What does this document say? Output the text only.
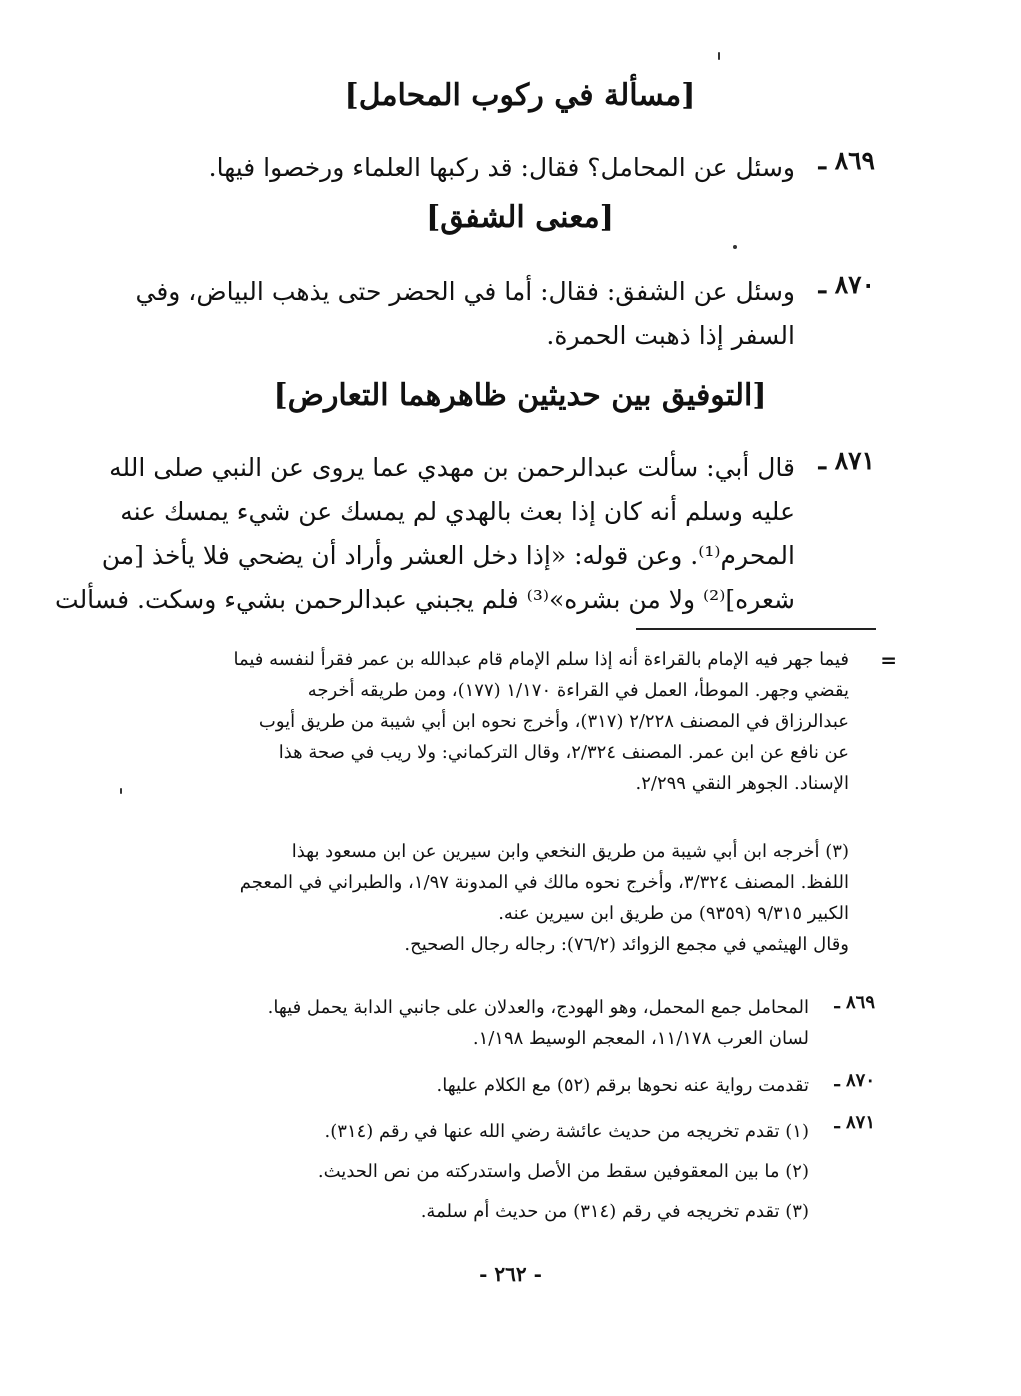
[مسألة في ركوب المحامل]
٨٦٩ ـ
وسئل عن المحامل؟ فقال: قد ركبها العلماء ورخصوا فيها.
[معنى الشفق]
٨٧٠ ـ
وسئل عن الشفق: فقال: أما في الحضر حتى يذهب البياض، وفي
السفر إذا ذهبت الحمرة.
[التوفيق بين حديثين ظاهرهما التعارض]
٨٧١ ـ
قال أبي: سألت عبدالرحمن بن مهدي عما يروى عن النبي صلى الله
عليه وسلم أنه كان إذا بعث بالهدي لم يمسك عن شيء يمسك عنه
المحرم⁽¹⁾. وعن قوله: «إذا دخل العشر وأراد أن يضحي فلا يأخذ [من
شعره]⁽²⁾ ولا من بشره»⁽³⁾ فلم يجبني عبدالرحمن بشيء وسكت. فسألت
=
فيما جهر فيه الإمام بالقراءة أنه إذا سلم الإمام قام عبدالله بن عمر فقرأ لنفسه فيما
يقضي وجهر. الموطأ، العمل في القراءة ١/١٧٠ (١٧٧)، ومن طريقه أخرجه
عبدالرزاق في المصنف ٢/٢٢٨ (٣١٧)، وأخرج نحوه ابن أبي شيبة من طريق أيوب
عن نافع عن ابن عمر. المصنف ٢/٣٢٤، وقال التركماني: ولا ريب في صحة هذا
الإسناد. الجوهر النقي ٢/٢٩٩.
(٣) أخرجه ابن أبي شيبة من طريق النخعي وابن سيرين عن ابن مسعود بهذا
اللفظ. المصنف ٣/٣٢٤، وأخرج نحوه مالك في المدونة ١/٩٧، والطبراني في المعجم
الكبير ٩/٣١٥ (٩٣٥٩) من طريق ابن سيرين عنه.
وقال الهيثمي في مجمع الزوائد (٧٦/٢): رجاله رجال الصحيح.
٨٦٩ ـ
المحامل جمع المحمل، وهو الهودج، والعدلان على جانبي الدابة يحمل فيها.
لسان العرب ١١/١٧٨، المعجم الوسيط ١/١٩٨.
٨٧٠ ـ
تقدمت رواية عنه نحوها برقم (٥٢) مع الكلام عليها.
٨٧١ ـ
(١) تقدم تخريجه من حديث عائشة رضي الله عنها في رقم (٣١٤).
(٢) ما بين المعقوفين سقط من الأصل واستدركته من نص الحديث.
(٣) تقدم تخريجه في رقم (٣١٤) من حديث أم سلمة.
- ٢٦٢ -
